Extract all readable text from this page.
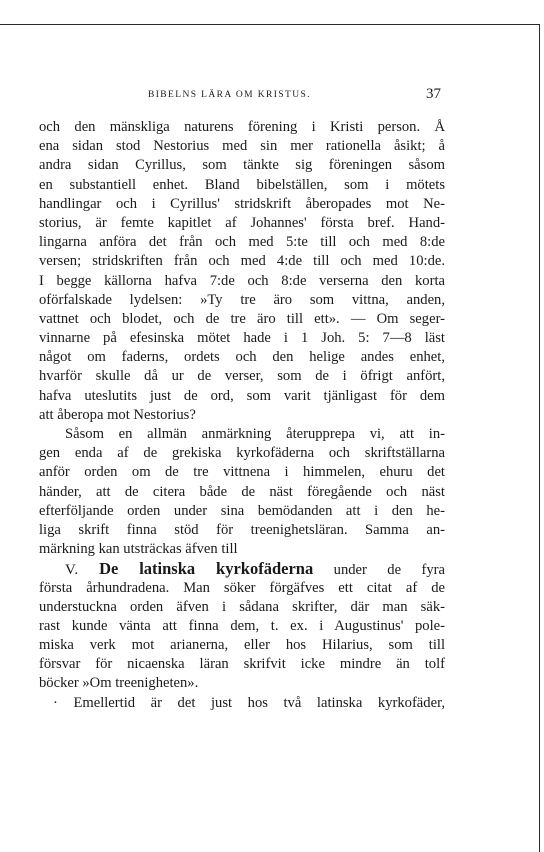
BIBELNS LÄRA OM KRISTUS.	37
och den mänskliga naturens förening i Kristi person. Å
ena sidan stod Nestorius med sin mer rationella åsikt; å
andra sidan Cyrillus, som tänkte sig föreningen såsom
en substantiell enhet. Bland bibelställen, som i mötets
handlingar och i Cyrillus' stridskrift åberopades mot Ne-
storius, är femte kapitlet af Johannes' första bref. Hand-
lingarna anföra det från och med 5:te till och med 8:de
versen; stridskriften från och med 4:de till och med 10:de.
I begge källorna hafva 7:de och 8:de verserna den korta
oförfalskade lydelsen: »Ty tre äro som vittna, anden,
vattnet och blodet, och de tre äro till ett». — Om seger-
vinnarne på efesinska mötet hade i 1 Joh. 5: 7—8 läst
något om faderns, ordets och den helige andes enhet,
hvarför skulle då ur de verser, som de i öfrigt anfört,
hafva uteslutits just de ord, som varit tjänligast för dem
att åberopa mot Nestorius?
Såsom en allmän anmärkning återupprepa vi, att in-
gen enda af de grekiska kyrkofäderna och skriftställarna
anför orden om de tre vittnena i himmelen, ehuru det
händer, att de citera både de näst föregående och näst
efterföljande orden under sina bemödanden att i den he-
liga skrift finna stöd för treenighetsläran. Samma an-
märkning kan utsträckas äfven till
V. De latinska kyrkofäderna under de fyra
första århundradena. Man söker förgäfves ett citat af de
understuckna orden äfven i sådana skrifter, där man säk-
rast kunde vänta att finna dem, t. ex. i Augustinus' pole-
miska verk mot arianerna, eller hos Hilarius, som till
försvar för nicaenska läran skrifvit icke mindre än tolf
böcker »Om treenigheten».
· Emellertid är det just hos två latinska kyrkofäder,
